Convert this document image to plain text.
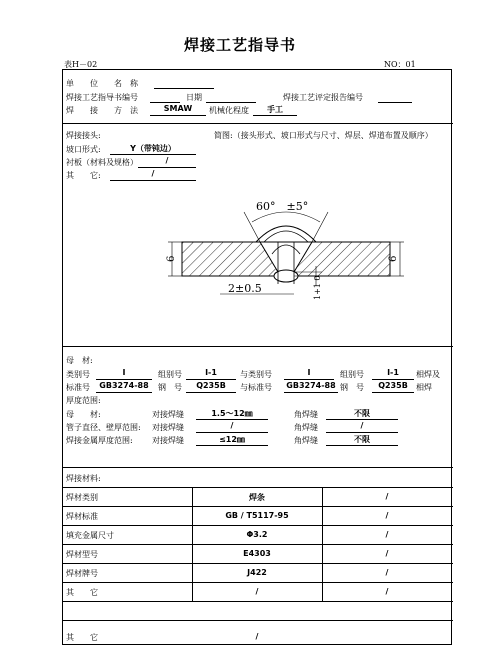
焊接工艺指导书
表H－02	NO：01
单　　位　　名　称
焊接工艺指导书编号	日期	焊接工艺评定报告编号
焊　　接　　方　法	SMAW	机械化程度	手工
焊接接头:	简图:（接头形式、坡口形式与尺寸、焊层、焊道布置及顺序）
坡口形式:	Y（带钝边）
衬板（材料及规格）	/
其　　它:	/
60°　±5°
6	6
2±0.5	1+1 0
母　材:
类别号	Ⅰ	组别号	Ⅰ-1	与类别号	Ⅰ	组别号	Ⅰ-1	相焊及
标准号	GB3274-88	钢　号	Q235B	与标准号 GB3274-88 钢　号	Q235B	相焊
厚度范围:
母　　材:	对接焊缝	1.5～12㎜	角焊缝	不限
管子直径、壁厚范围: 对接焊缝	/	角焊缝	/
焊接金属厚度范围: 对接焊缝	≤12㎜	角焊缝	不限
焊接材料:
焊材类别	焊条	/
焊材标准	GB / T5117-95	/
填充金属尺寸	Φ3.2	/
焊材型号	E4303	/
焊材牌号	J422	/
其　　它	/	/
其　　它	/
